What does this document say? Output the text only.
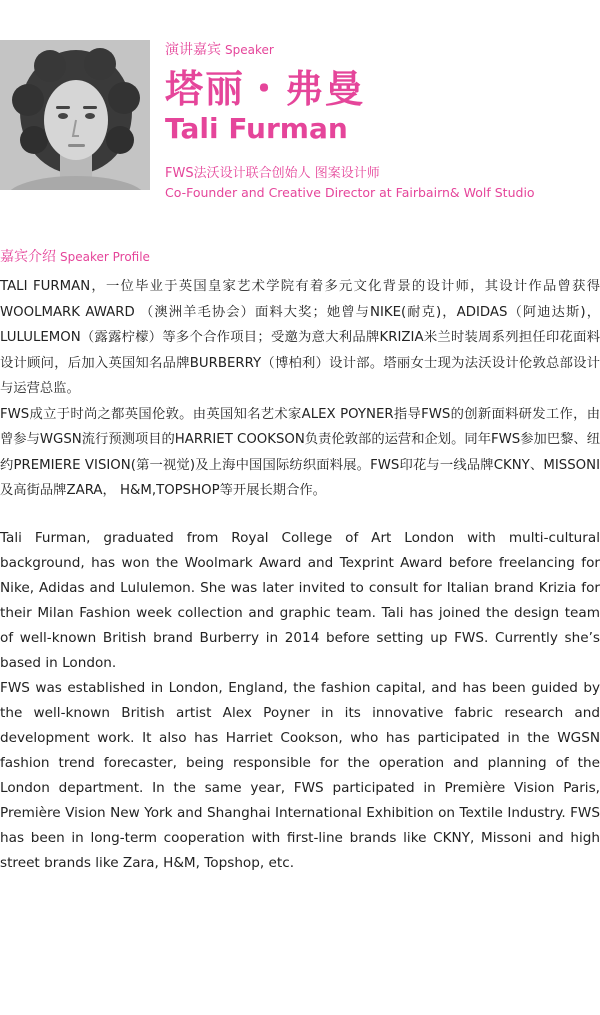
演讲嘉宾 Speaker
塔丽・弗曼
Tali Furman
FWS法沃设计联合创始人 图案设计师
Co-Founder and Creative Director at Fairbairn& Wolf Studio
嘉宾介绍 Speaker Profile

TALI FURMAN，一位毕业于英国皇家艺术学院有着多元文化背景的设计师，其设计作品曾获得WOOLMARK AWARD （澳洲羊毛协会）面料大奖；她曾与NIKE(耐克)，ADIDAS（阿迪达斯)，LULULEMON（露露柠檬）等多个合作项目；受邀为意大利品牌KRIZIA米兰时装周系列担任印花面料设计顾问，后加入英国知名品牌BURBERRY（博柏利）设计部。塔丽女士现为法沃设计伦敦总部设计与运营总监。

FWS成立于时尚之都英国伦敦。由英国知名艺术家ALEX POYNER指导FWS的创新面料研发工作，由曾参与WGSN流行预测项目的HARRIET COOKSON负责伦敦部的运营和企划。同年FWS参加巴黎、纽约PREMIERE VISION(第一视觉)及上海中国国际纺织面料展。FWS印花与一线品牌CKNY、MISSONI及高街品牌ZARA， H&M,TOPSHOP等开展长期合作。

Tali Furman, graduated from Royal College of Art London with multi-cultural background, has won the Woolmark Award and Texprint Award before freelancing for Nike, Adidas and Lululemon. She was later invited to consult for Italian brand Krizia for their Milan Fashion week collection and graphic team. Tali has joined the design team of well-known British brand Burberry in 2014 before setting up FWS. Currently she’s based in London.

FWS was established in London, England, the fashion capital, and has been guided by the well-known British artist Alex Poyner in its innovative fabric research and development work. It also has Harriet Cookson, who has participated in the WGSN fashion trend forecaster, being responsible for the operation and planning of the London department. In the same year, FWS participated in Première Vision Paris, Première Vision New York and Shanghai International Exhibition on Textile Industry. FWS has been in long-term cooperation with first-line brands like CKNY, Missoni and high street brands like Zara, H&M, Topshop, etc.
